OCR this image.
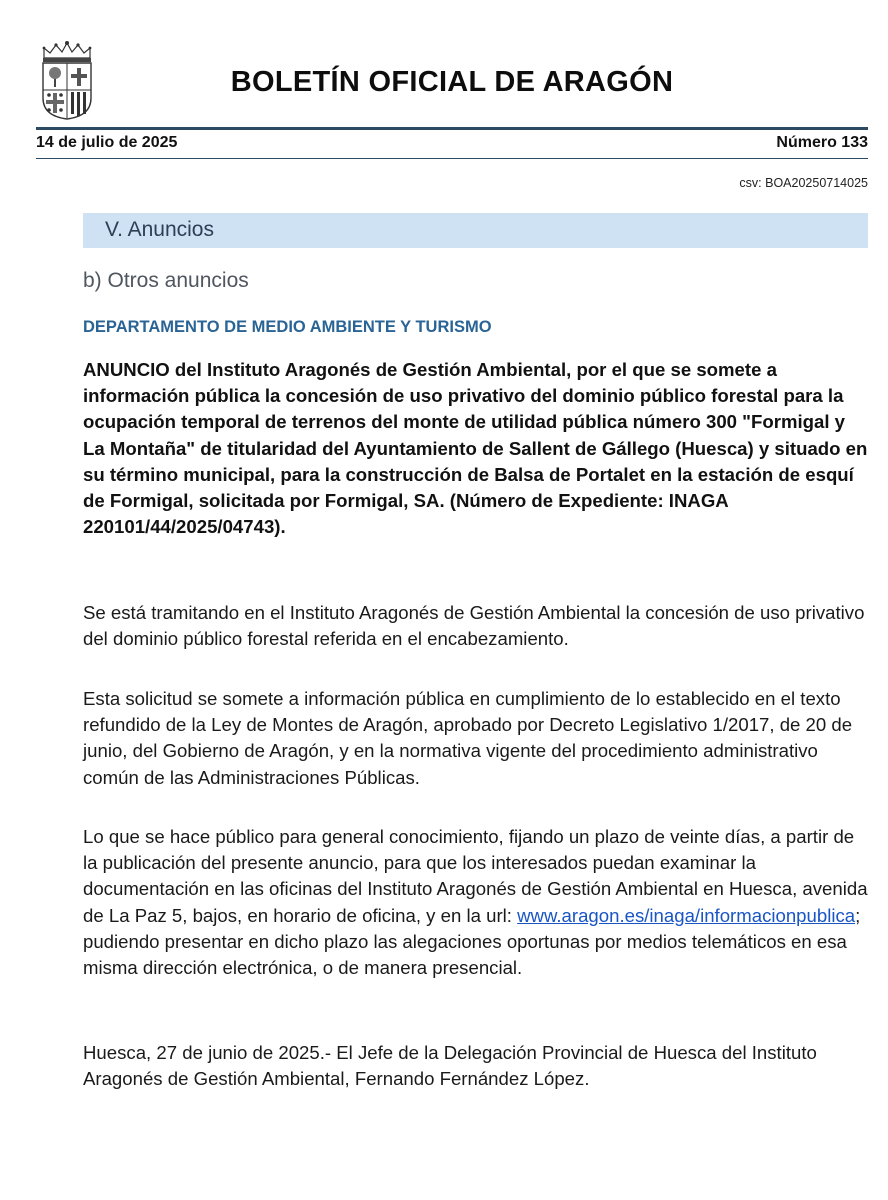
BOLETÍN OFICIAL DE ARAGÓN
14 de julio de 2025	Número 133
csv: BOA20250714025
V. Anuncios
b) Otros anuncios
DEPARTAMENTO DE MEDIO AMBIENTE Y TURISMO
ANUNCIO del Instituto Aragonés de Gestión Ambiental, por el que se somete a información pública la concesión de uso privativo del dominio público forestal para la ocupación temporal de terrenos del monte de utilidad pública número 300 "Formigal y La Montaña" de titularidad del Ayuntamiento de Sallent de Gállego (Huesca) y situado en su término municipal, para la construcción de Balsa de Portalet en la estación de esquí de Formigal, solicitada por Formigal, SA. (Número de Expediente: INAGA 220101/44/2025/04743).
Se está tramitando en el Instituto Aragonés de Gestión Ambiental la concesión de uso privativo del dominio público forestal referida en el encabezamiento.
Esta solicitud se somete a información pública en cumplimiento de lo establecido en el texto refundido de la Ley de Montes de Aragón, aprobado por Decreto Legislativo 1/2017, de 20 de junio, del Gobierno de Aragón, y en la normativa vigente del procedimiento administrativo común de las Administraciones Públicas.
Lo que se hace público para general conocimiento, fijando un plazo de veinte días, a partir de la publicación del presente anuncio, para que los interesados puedan examinar la documentación en las oficinas del Instituto Aragonés de Gestión Ambiental en Huesca, avenida de La Paz 5, bajos, en horario de oficina, y en la url: www.aragon.es/inaga/informacionpublica; pudiendo presentar en dicho plazo las alegaciones oportunas por medios telemáticos en esa misma dirección electrónica, o de manera presencial.
Huesca, 27 de junio de 2025.- El Jefe de la Delegación Provincial de Huesca del Instituto Aragonés de Gestión Ambiental, Fernando Fernández López.
